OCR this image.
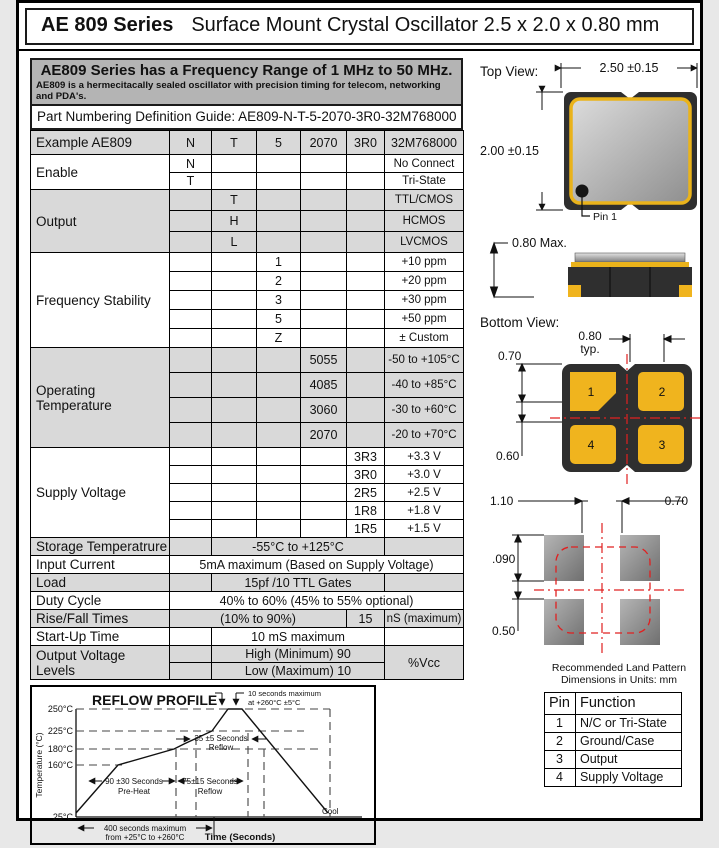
AE 809 Series Surface Mount Crystal Oscillator 2.5 x 2.0 x 0.80 mm
AE809 Series has a Frequency Range of 1 MHz to 50 MHz.
AE809 is a hermecitacally sealed oscillator with precision timing for telecom, networking and PDA's.
Part Numbering Definition Guide: AE809-N-T-5-2070-3R0-32M768000
Example AE809	N	T	5	2070	3R0	32M768000
Enable	N					No Connect
	T					Tri-State
Output		T				TTL/CMOS
		H				HCMOS
		L				LVCMOS
Frequency Stability			1			+10 ppm
			2			+20 ppm
			3			+30 ppm
			5			+50 ppm
			Z			± Custom
Operating Temperature				5055		-50 to +105°C
				4085		-40 to +85°C
				3060		-30 to +60°C
				2070		-20 to +70°C
Supply Voltage					3R3	+3.3 V
					3R0	+3.0 V
					2R5	+2.5 V
					1R8	+1.8 V
					1R5	+1.5 V
Storage Temperatrure		-55°C to +125°C				
Input Current	5mA maximum (Based on Supply Voltage)					
Load		15pf /10 TTL Gates				
Duty Cycle	40% to 60% (45% to 55% optional)					
Rise/Fall Times	(10% to 90%)				15	nS (maximum)
Start-Up Time		10 mS maximum				
Output Voltage Levels		High (Minimum) 90				%Vcc
		Low (Maximum) 10				
REFLOW PROFILE
250°C
225°C
180°C
160°C
25°C
Temperature (°C)
10 seconds maximum
at +260°C ±5°C
35 ±5 Seconds
Reflow
90 ±30 Seconds
Pre-Heat
75±15 Seconds
Reflow
400 seconds maximum
from +25°C to +260°C
Cool
Time (Seconds)
Top View:	2.50 ±0.15
2.00 ±0.15
Pin 1

0.80 Max.

Bottom View:
0.80
typ.
0.70
0.60
1	2
4	3

1.10	0.70
.090
0.50
Recommended Land Pattern
Dimensions in Units: mm
Pin	Function
1	N/C or Tri-State
2	Ground/Case
3	Output
4	Supply Voltage
